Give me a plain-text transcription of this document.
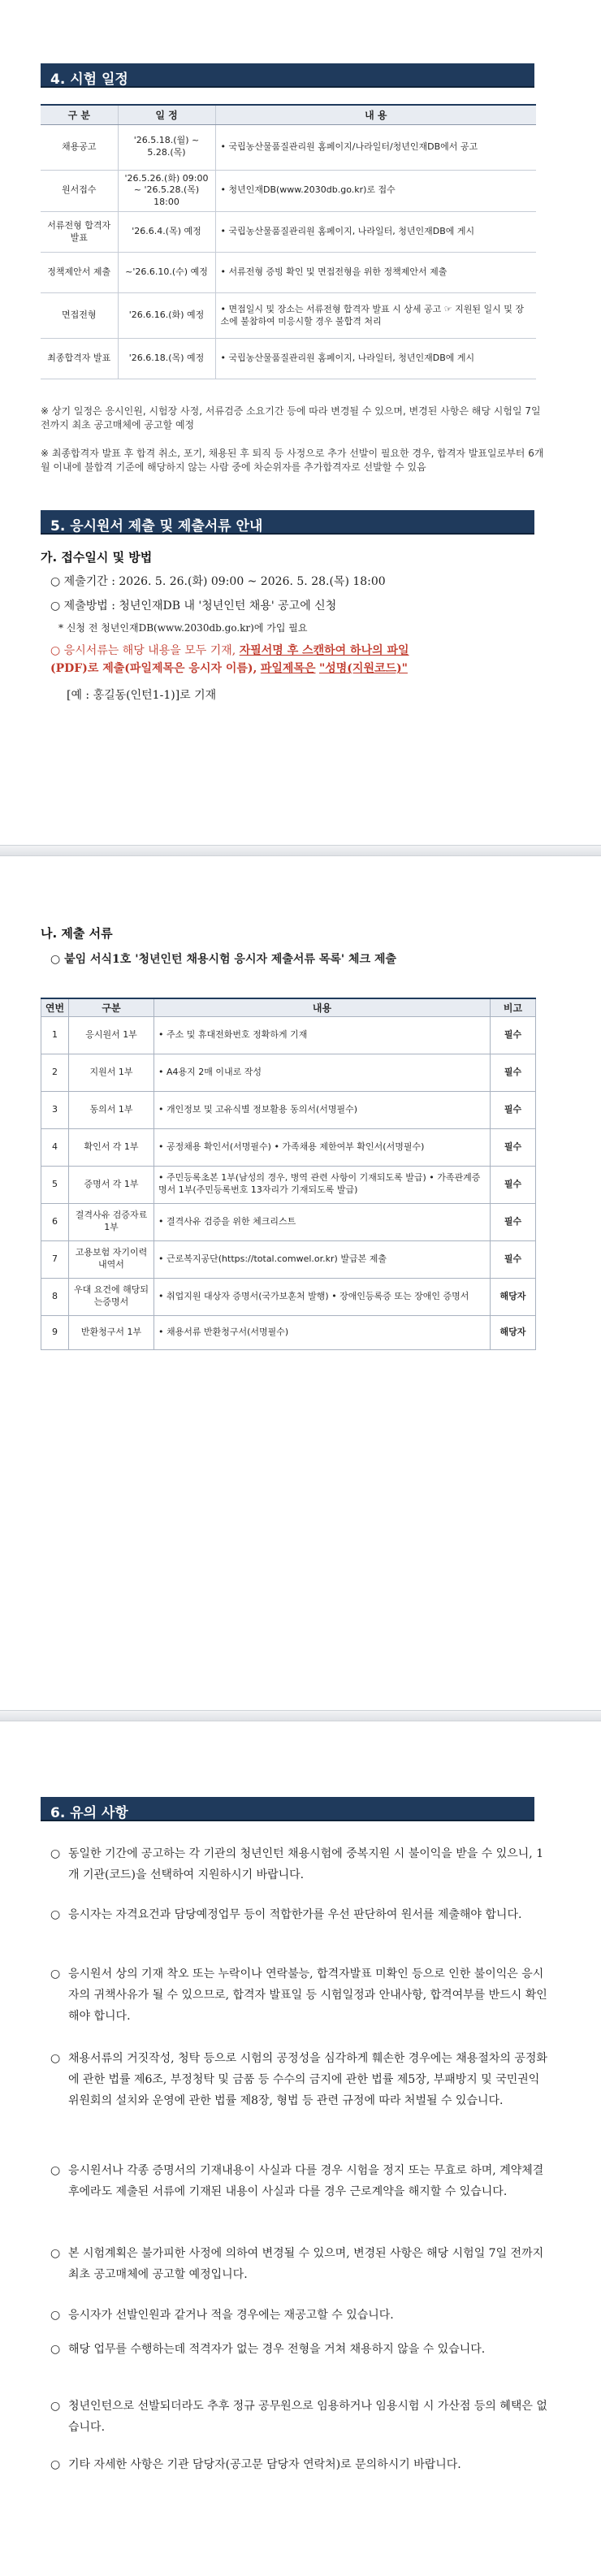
4. 시험 일정
구 분	일 정	내 용
채용공고	'26.5.18.(월) ~ 5.28.(목)	• 국립농산물품질관리원 홈페이지/나라일터/청년인재DB에서 공고
원서접수	'26.5.26.(화) 09:00 ~ '26.5.28.(목) 18:00	• 청년인재DB(www.2030db.go.kr)로 접수
서류전형 합격자 발표	'26.6.4.(목) 예정	• 국립농산물품질관리원 홈페이지, 나라일터, 청년인재DB에 게시
정책제안서 제출	~'26.6.10.(수) 예정	• 서류전형 증빙 확인 및 면접전형을 위한 정책제안서 제출
면접전형	'26.6.16.(화) 예정	• 면접일시 및 장소는 서류전형 합격자 발표 시 상세 공고 ☞ 지원된 일시 및 장소에 불참하여 미응시할 경우 불합격 처리
최종합격자 발표	'26.6.18.(목) 예정	• 국립농산물품질관리원 홈페이지, 나라일터, 청년인재DB에 게시
※ 상기 일정은 응시인원, 시험장 사정, 서류검증 소요기간 등에 따라 변경될 수 있으며, 변경된 사항은 해당 시험일 7일 전까지 최초 공고매체에 공고할 예정
※ 최종합격자 발표 후 합격 취소, 포기, 채용된 후 퇴직 등 사정으로 추가 선발이 필요한 경우, 합격자 발표일로부터 6개월 이내에 불합격 기준에 해당하지 않는 사람 중에 차순위자를 추가합격자로 선발할 수 있음
5. 응시원서 제출 및 제출서류 안내
가. 접수일시 및 방법
○ 제출기간 : 2026. 5. 26.(화) 09:00 ~ 2026. 5. 28.(목) 18:00
○ 제출방법 : 청년인재DB 내 '청년인턴 채용' 공고에 신청
* 신청 전 청년인재DB(www.2030db.go.kr)에 가입 필요
○ 응시서류는 해당 내용을 모두 기재, 자필서명 후 스캔하여 하나의 파일
(PDF)로 제출(파일제목은 응시자 이름), 파일제목은 "성명(지원코드)"
[예 : 홍길동(인턴1-1)]로 기재
나. 제출 서류
○ 붙임 서식1호 '청년인턴 채용시험 응시자 제출서류 목록' 체크 제출
연번	구분	내용	비고
1	응시원서 1부	• 주소 및 휴대전화번호 정확하게 기재	필수
2	지원서 1부	• A4용지 2매 이내로 작성	필수
3	동의서 1부	• 개인정보 및 고유식별 정보활용 동의서(서명필수)	필수
4	확인서 각 1부	• 공정채용 확인서(서명필수) • 가족채용 제한여부 확인서(서명필수)	필수
5	증명서 각 1부	• 주민등록초본 1부(남성의 경우, 병역 관련 사항이 기재되도록 발급) • 가족관계증명서 1부(주민등록번호 13자리가 기재되도록 발급)	필수
6	결격사유 검증자료 1부	• 결격사유 검증을 위한 체크리스트	필수
7	고용보험 자기이력내역서	• 근로복지공단(https://total.comwel.or.kr) 발급본 제출	필수
8	우대 요건에 해당되는증명서	• 취업지원 대상자 증명서(국가보훈처 발행) • 장애인등록증 또는 장애인 증명서	해당자
9	반환청구서 1부	• 채용서류 반환청구서(서명필수)	해당자
6. 유의 사항
○ 동일한 기간에 공고하는 각 기관의 청년인턴 채용시험에 중복지원 시 불이익을 받을 수 있으니, 1개 기관(코드)을 선택하여 지원하시기 바랍니다.
○ 응시자는 자격요건과 담당예정업무 등이 적합한가를 우선 판단하여 원서를 제출해야 합니다.
○ 응시원서 상의 기재 착오 또는 누락이나 연락불능, 합격자발표 미확인 등으로 인한 불이익은 응시자의 귀책사유가 될 수 있으므로, 합격자 발표일 등 시험일정과 안내사항, 합격여부를 반드시 확인해야 합니다.
○ 채용서류의 거짓작성, 청탁 등으로 시험의 공정성을 심각하게 훼손한 경우에는 채용절차의 공정화에 관한 법률 제6조, 부정청탁 및 금품 등 수수의 금지에 관한 법률 제5장, 부패방지 및 국민권익위원회의 설치와 운영에 관한 법률 제8장, 형법 등 관련 규정에 따라 처벌될 수 있습니다.
○ 응시원서나 각종 증명서의 기재내용이 사실과 다를 경우 시험을 정지 또는 무효로 하며, 계약체결 후에라도 제출된 서류에 기재된 내용이 사실과 다를 경우 근로계약을 해지할 수 있습니다.
○ 본 시험계획은 불가피한 사정에 의하여 변경될 수 있으며, 변경된 사항은 해당 시험일 7일 전까지 최초 공고매체에 공고할 예정입니다.
○ 응시자가 선발인원과 같거나 적을 경우에는 재공고할 수 있습니다.
○ 해당 업무를 수행하는데 적격자가 없는 경우 전형을 거쳐 채용하지 않을 수 있습니다.
○ 청년인턴으로 선발되더라도 추후 정규 공무원으로 임용하거나 임용시험 시 가산점 등의 혜택은 없습니다.
○ 기타 자세한 사항은 기관 담당자(공고문 담당자 연락처)로 문의하시기 바랍니다.
